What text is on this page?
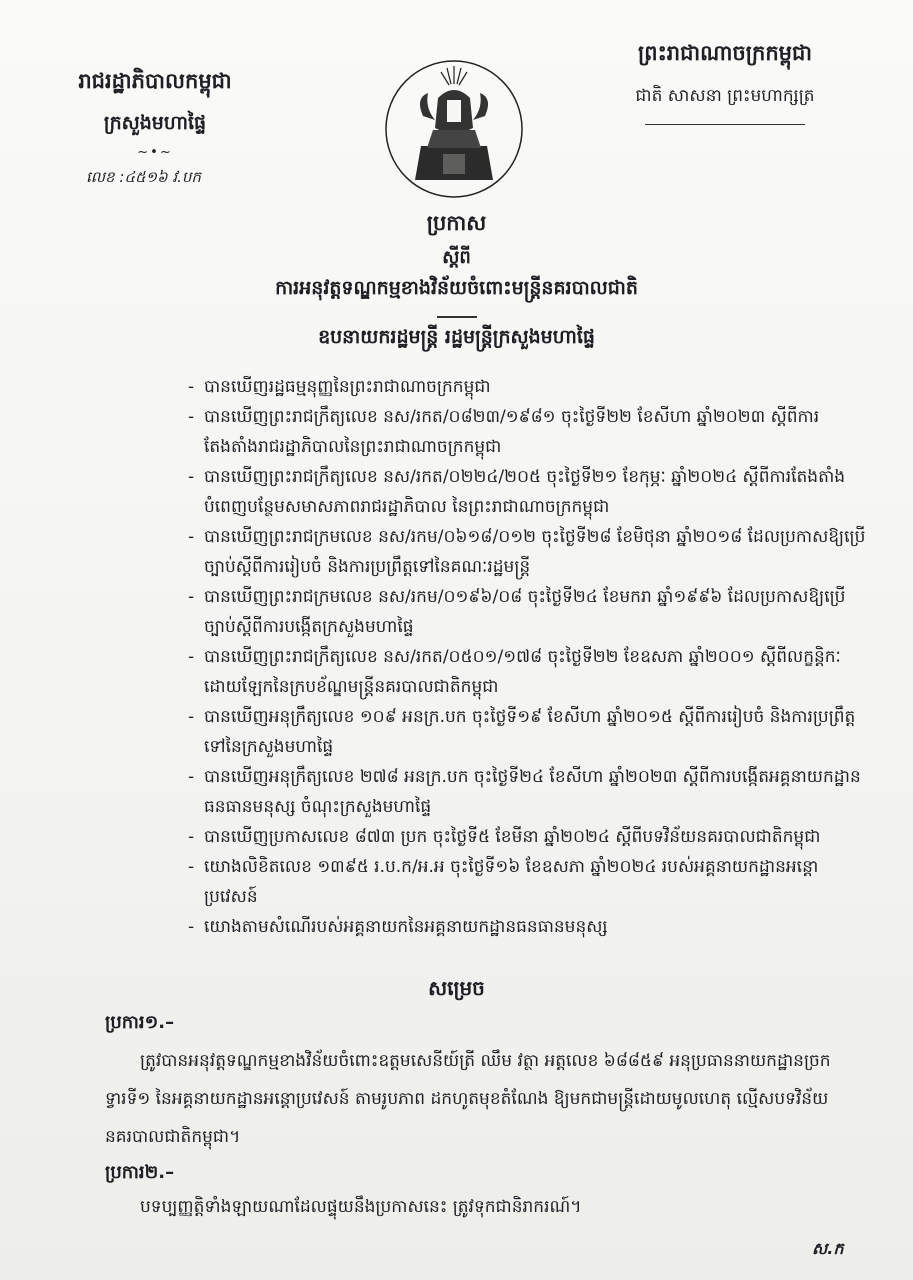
រាជរដ្ឋាភិបាលកម្ពុជា
ក្រសួងមហាផ្ទៃ
~•~
លេខ :៤៥១៦ វ.បក
ព្រះរាជាណាចក្រកម្ពុជា
ជាតិ សាសនា ព្រះមហាក្សត្រ
ប្រកាស
ស្តីពី
ការអនុវត្តទណ្ឌកម្មខាងវិន័យចំពោះមន្ត្រីនគរបាលជាតិ
ឧបនាយករដ្ឋមន្ត្រី រដ្ឋមន្ត្រីក្រសួងមហាផ្ទៃ
- បានឃើញរដ្ឋធម្មនុញ្ញនៃព្រះរាជាណាចក្រកម្ពុជា
- បានឃើញព្រះរាជក្រឹត្យលេខ នស/រកត/០៨២៣/១៩៨១ ចុះថ្ងៃទី២២ ខែសីហា ឆ្នាំ២០២៣ ស្តីពីការតែងតាំងរាជរដ្ឋាភិបាលនៃព្រះរាជាណាចក្រកម្ពុជា
- បានឃើញព្រះរាជក្រឹត្យលេខ នស/រកត/០២២៤/២០៥ ចុះថ្ងៃទី២១ ខែកុម្ភៈ ឆ្នាំ២០២៤ ស្តីពីការតែងតាំងបំពេញបន្ថែមសមាសភាពរាជរដ្ឋាភិបាល នៃព្រះរាជាណាចក្រកម្ពុជា
- បានឃើញព្រះរាជក្រមលេខ នស/រកម/០៦១៨/០១២ ចុះថ្ងៃទី២៨ ខែមិថុនា ឆ្នាំ២០១៨ ដែលប្រកាសឱ្យប្រើច្បាប់ស្តីពីការរៀបចំ និងការប្រព្រឹត្តទៅនៃគណៈរដ្ឋមន្ត្រី
- បានឃើញព្រះរាជក្រមលេខ នស/រកម/០១៩៦/០៨ ចុះថ្ងៃទី២៤ ខែមករា ឆ្នាំ១៩៩៦ ដែលប្រកាសឱ្យប្រើច្បាប់ស្តីពីការបង្កើតក្រសួងមហាផ្ទៃ
- បានឃើញព្រះរាជក្រឹត្យលេខ នស/រកត/០៥០១/១៧៨ ចុះថ្ងៃទី២២ ខែឧសភា ឆ្នាំ២០០១ ស្តីពីលក្ខន្តិកៈដោយឡែកនៃក្របខ័ណ្ឌមន្ត្រីនគរបាលជាតិកម្ពុជា
- បានឃើញអនុក្រឹត្យលេខ ១០៩ អនក្រ.បក ចុះថ្ងៃទី១៩ ខែសីហា ឆ្នាំ២០១៥ ស្តីពីការរៀបចំ និងការប្រព្រឹត្តទៅនៃក្រសួងមហាផ្ទៃ
- បានឃើញអនុក្រឹត្យលេខ ២៧៨ អនក្រ.បក ចុះថ្ងៃទី២៤ ខែសីហា ឆ្នាំ២០២៣ ស្តីពីការបង្កើតអគ្គនាយកដ្ឋានធនធានមនុស្ស ចំណុះក្រសួងមហាផ្ទៃ
- បានឃើញប្រកាសលេខ ៨៧៣ ប្រក ចុះថ្ងៃទី៥ ខែមីនា ឆ្នាំ២០២៤ ស្តីពីបទវិន័យនគរបាលជាតិកម្ពុជា
- យោងលិខិតលេខ ១៣៩៥ រ.ប.ក/អ.អ ចុះថ្ងៃទី១៦ ខែឧសភា ឆ្នាំ២០២៤ របស់អគ្គនាយកដ្ឋានអន្តោប្រវេសន៍
- យោងតាមសំណើរបស់អគ្គនាយកនៃអគ្គនាយកដ្ឋានធនធានមនុស្ស
សម្រេច
ប្រការ១.–
ត្រូវបានអនុវត្តទណ្ឌកម្មខាងវិន័យចំពោះឧត្តមសេនីយ៍ត្រី ឈឹម វត្ថា អត្តលេខ ៦៨៨៥៩ អនុប្រធាននាយកដ្ឋានច្រកទ្វារទី១ នៃអគ្គនាយកដ្ឋានអន្តោប្រវេសន៍ តាមរូបភាព ដកហូតមុខតំណែង ឱ្យមកជាមន្ត្រីដោយមូលហេតុ ល្មើសបទវិន័យនគរបាលជាតិកម្ពុជា។
ប្រការ២.–
បទប្បញ្ញត្តិទាំងឡាយណាដែលផ្ទុយនឹងប្រកាសនេះ ត្រូវទុកជានិរាករណ៍។
ស.ក
